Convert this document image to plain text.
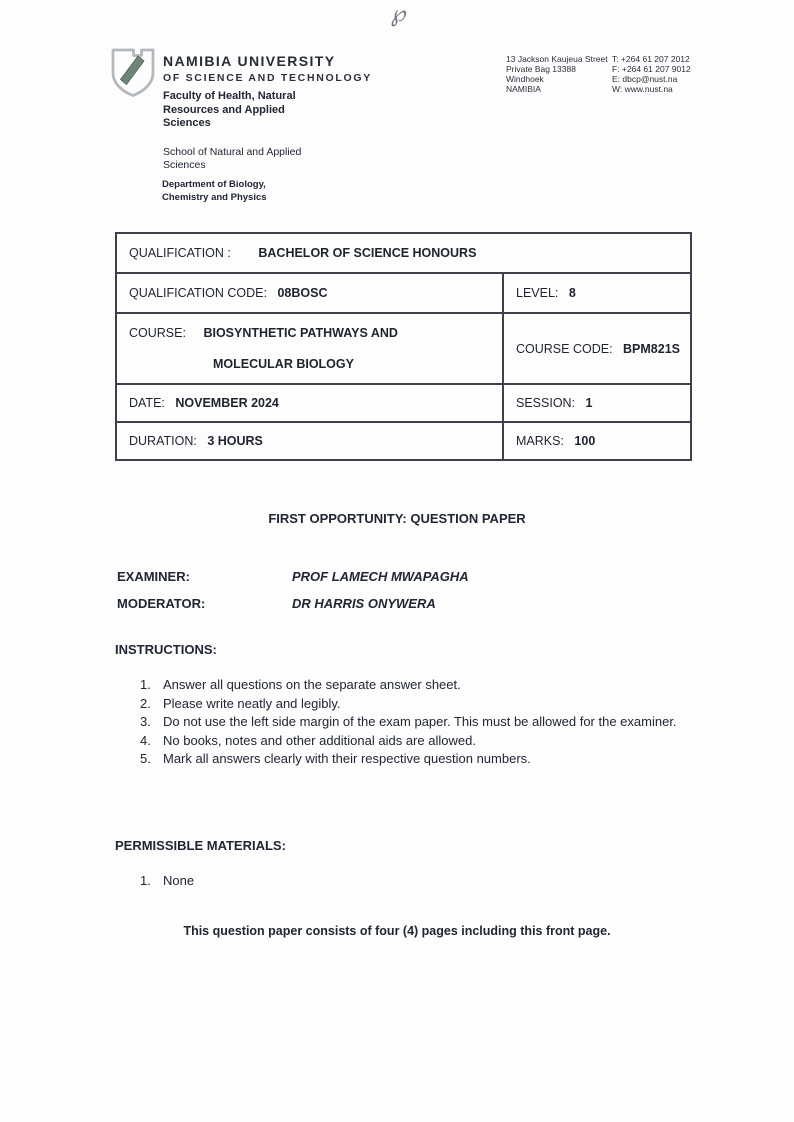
℘
NAMIBIA UNIVERSITY
OF SCIENCE AND TECHNOLOGY
Faculty of Health, Natural Resources and Applied Sciences
School of Natural and Applied Sciences
Department of Biology, Chemistry and Physics
13 Jackson Kaujeua Street
Private Bag 13388
Windhoek
NAMIBIA
T: +264 61 207 2012
F: +264 61 207 9012
E: dbcp@nust.na
W: www.nust.na
QUALIFICATION : BACHELOR OF SCIENCE HONOURS	
QUALIFICATION CODE: 08BOSC	LEVEL: 8

COURSE: BIOSYNTHETIC PATHWAYS AND
MOLECULAR BIOLOGY	COURSE CODE: BPM821S
DATE: NOVEMBER 2024	SESSION: 1
DURATION: 3 HOURS	MARKS: 100
FIRST OPPORTUNITY: QUESTION PAPER
EXAMINER:	PROF LAMECH MWAPAGHA
MODERATOR:	DR HARRIS ONYWERA
INSTRUCTIONS:
1. Answer all questions on the separate answer sheet.
2. Please write neatly and legibly.
3. Do not use the left side margin of the exam paper. This must be allowed for the examiner.
4. No books, notes and other additional aids are allowed.
5. Mark all answers clearly with their respective question numbers.
PERMISSIBLE MATERIALS:
1. None
This question paper consists of four (4) pages including this front page.
